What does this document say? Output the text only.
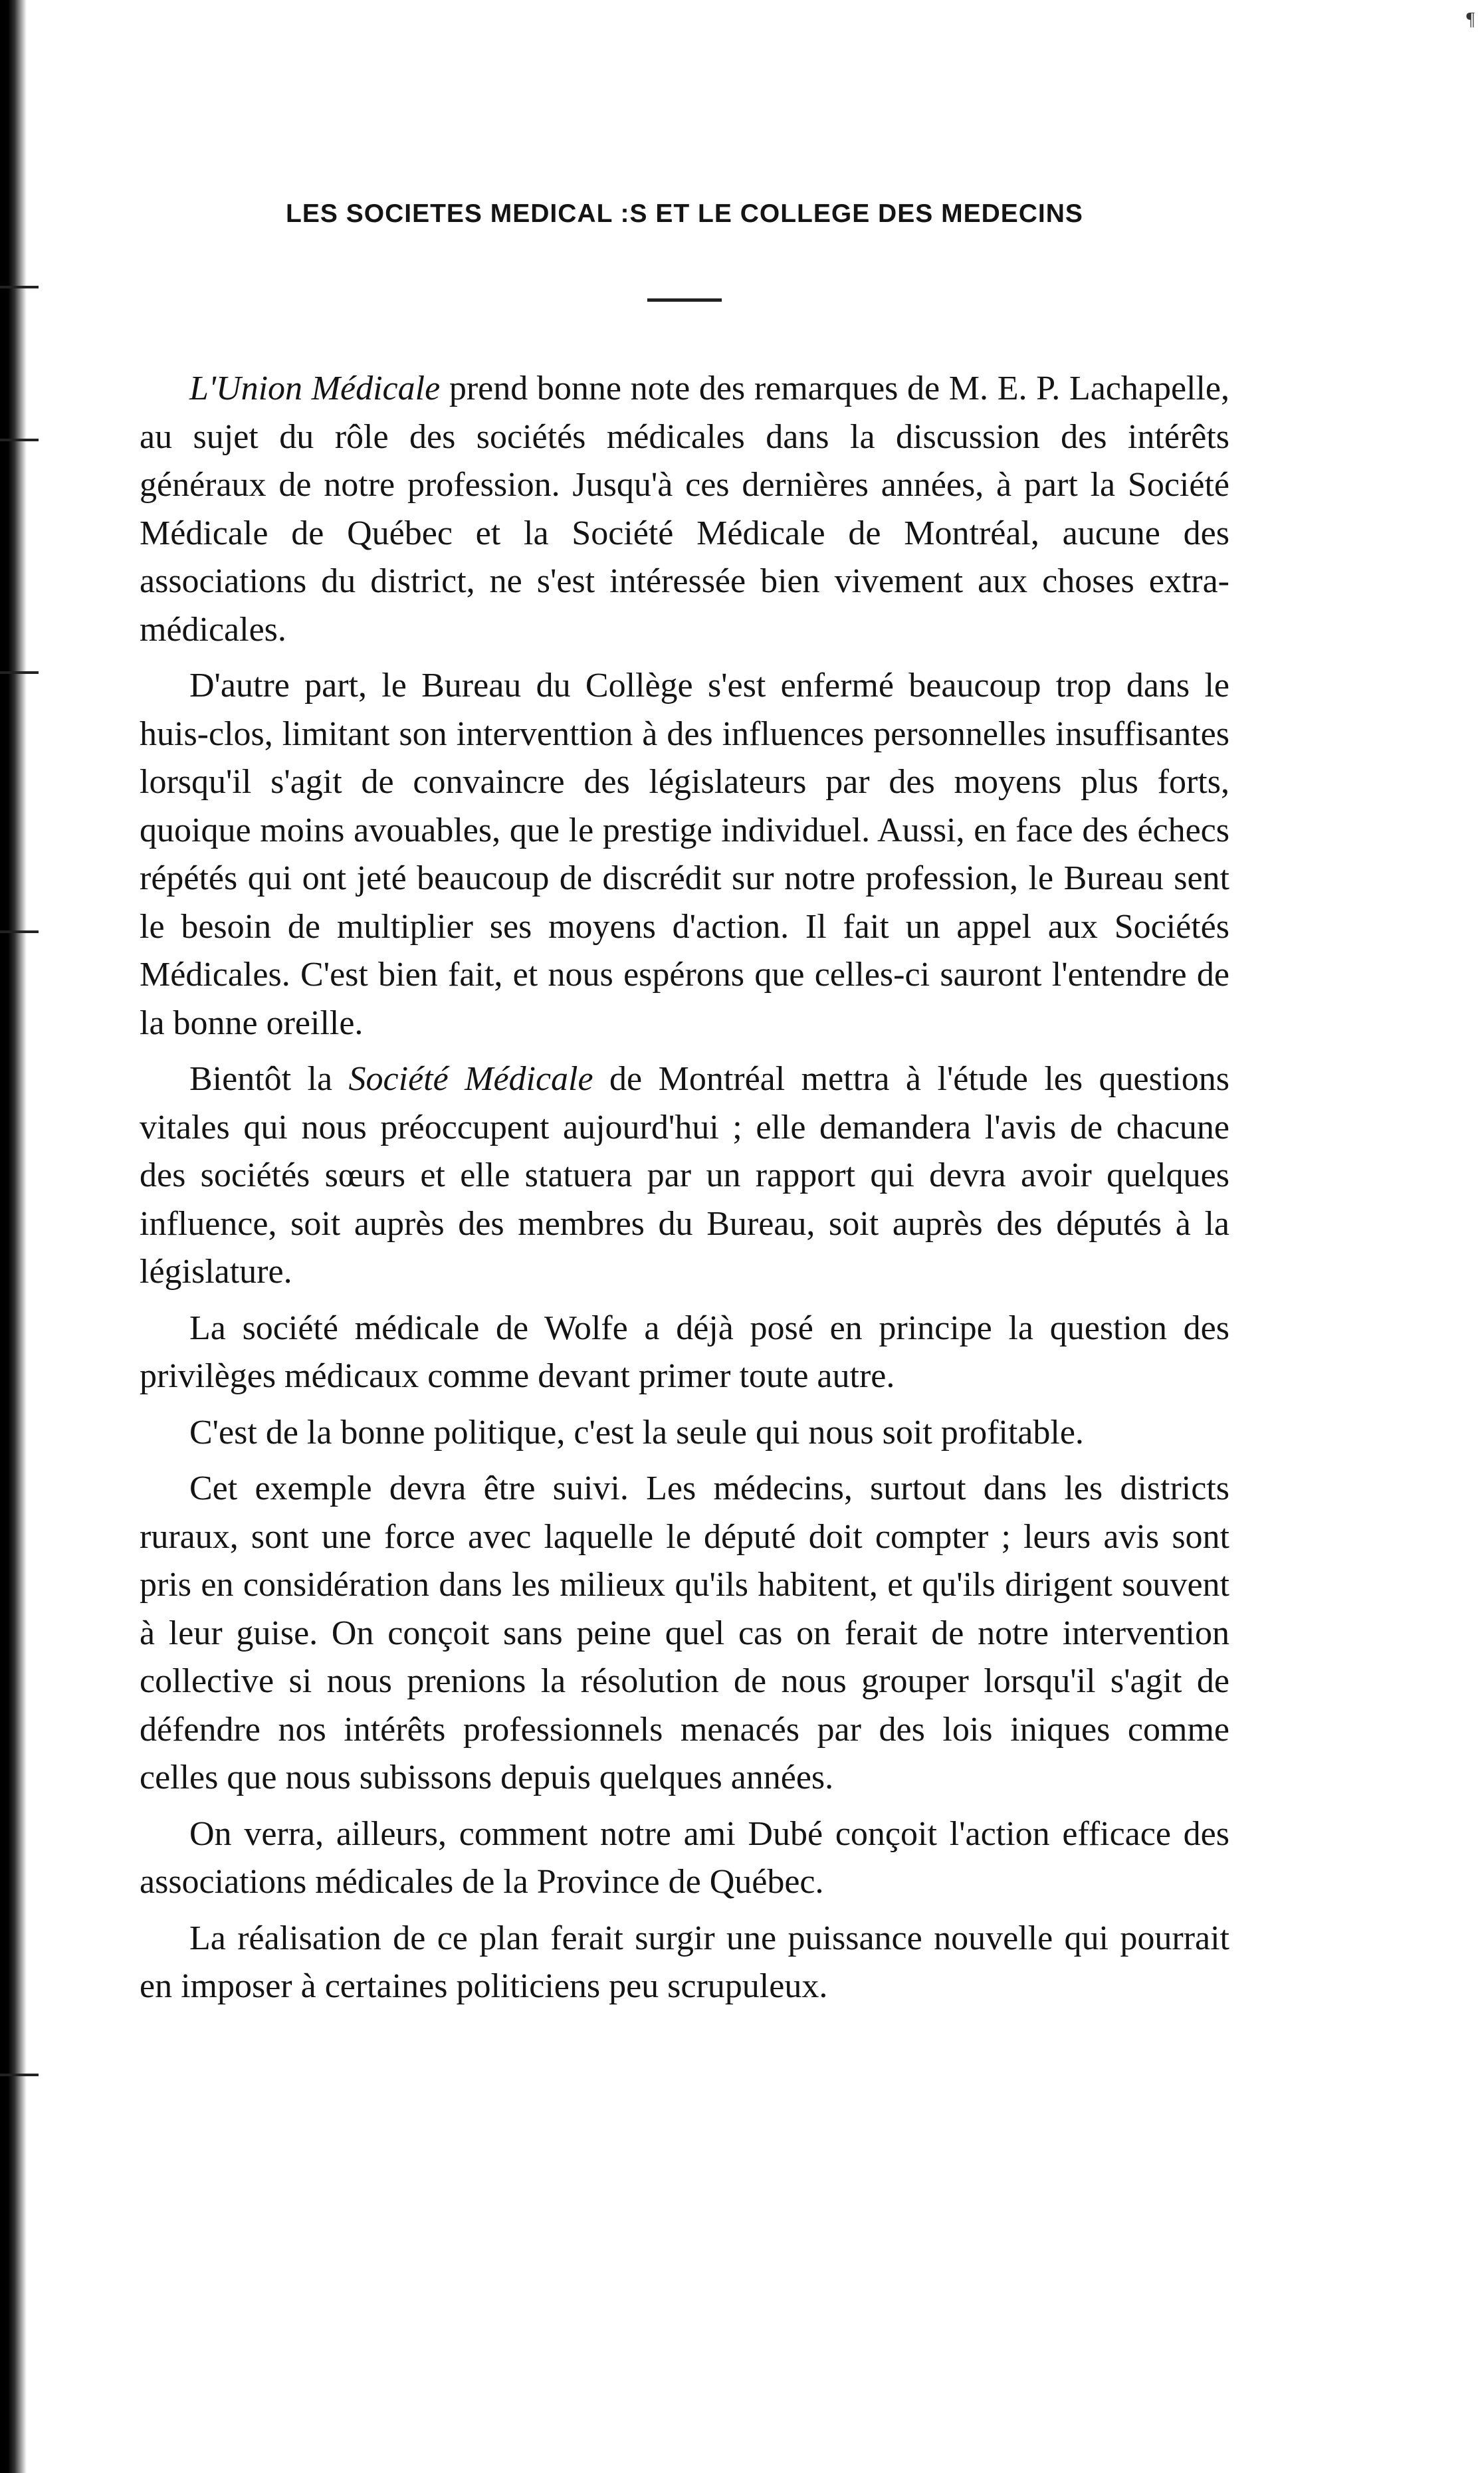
¶
LES SOCIETES MEDICAL :S ET LE COLLEGE DES MEDECINS

L'Union Médicale prend bonne note des remarques de M. E. P. Lachapelle, au sujet du rôle des sociétés médicales dans la discussion des intérêts généraux de notre profession. Jusqu'à ces dernières années, à part la Société Médicale de Québec et la Société Médicale de Montréal, aucune des associations du district, ne s'est intéressée bien vivement aux choses extra-médicales.

D'autre part, le Bureau du Collège s'est enfermé beaucoup trop dans le huis-clos, limitant son interventtion à des influences personnelles insuffisantes lorsqu'il s'agit de convaincre des législateurs par des moyens plus forts, quoique moins avouables, que le prestige individuel. Aussi, en face des échecs répétés qui ont jeté beaucoup de discrédit sur notre profession, le Bureau sent le besoin de multiplier ses moyens d'action. Il fait un appel aux Sociétés Médicales. C'est bien fait, et nous espérons que celles-ci sauront l'entendre de la bonne oreille.

Bientôt la Société Médicale de Montréal mettra à l'étude les questions vitales qui nous préoccupent aujourd'hui ; elle demandera l'avis de chacune des sociétés sœurs et elle statuera par un rapport qui devra avoir quelques influence, soit auprès des membres du Bureau, soit auprès des députés à la législature.

La société médicale de Wolfe a déjà posé en principe la question des privilèges médicaux comme devant primer toute autre.

C'est de la bonne politique, c'est la seule qui nous soit profitable.

Cet exemple devra être suivi. Les médecins, surtout dans les districts ruraux, sont une force avec laquelle le député doit compter ; leurs avis sont pris en considération dans les milieux qu'ils habitent, et qu'ils dirigent souvent à leur guise. On conçoit sans peine quel cas on ferait de notre intervention collective si nous prenions la résolution de nous grouper lorsqu'il s'agit de défendre nos intérêts professionnels menacés par des lois iniques comme celles que nous subissons depuis quelques années.

On verra, ailleurs, comment notre ami Dubé conçoit l'action efficace des associations médicales de la Province de Québec.

La réalisation de ce plan ferait surgir une puissance nouvelle qui pourrait en imposer à certaines politiciens peu scrupuleux.
